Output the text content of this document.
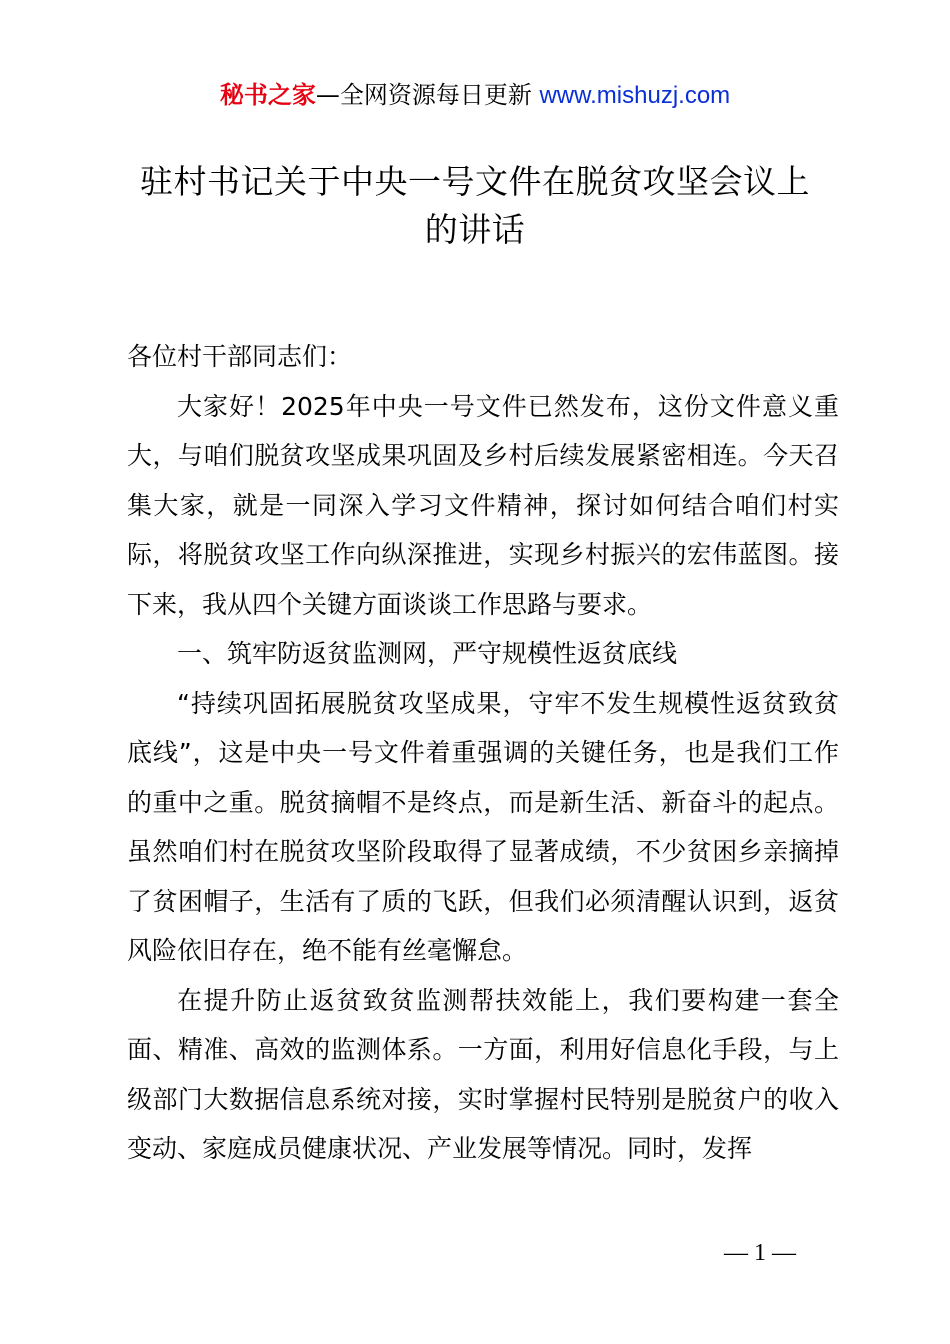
秘书之家—全网资源每日更新 www.mishuzj.com
驻村书记关于中央一号文件在脱贫攻坚会议上
的讲话

各位村干部同志们：

大家好！2025年中央一号文件已然发布，这份文件意义重大，与咱们脱贫攻坚成果巩固及乡村后续发展紧密相连。今天召集大家，就是一同深入学习文件精神，探讨如何结合咱们村实际，将脱贫攻坚工作向纵深推进，实现乡村振兴的宏伟蓝图。接下来，我从四个关键方面谈谈工作思路与要求。

一、筑牢防返贫监测网，严守规模性返贫底线

“持续巩固拓展脱贫攻坚成果，守牢不发生规模性返贫致贫底线”，这是中央一号文件着重强调的关键任务，也是我们工作的重中之重。脱贫摘帽不是终点，而是新生活、新奋斗的起点。虽然咱们村在脱贫攻坚阶段取得了显著成绩，不少贫困乡亲摘掉了贫困帽子，生活有了质的飞跃，但我们必须清醒认识到，返贫风险依旧存在，绝不能有丝毫懈怠。

在提升防止返贫致贫监测帮扶效能上，我们要构建一套全面、精准、高效的监测体系。一方面，利用好信息化手段，与上级部门大数据信息系统对接，实时掌握村民特别是脱贫户的收入变动、家庭成员健康状况、产业发展等情况。同时，发挥

— 1 —
